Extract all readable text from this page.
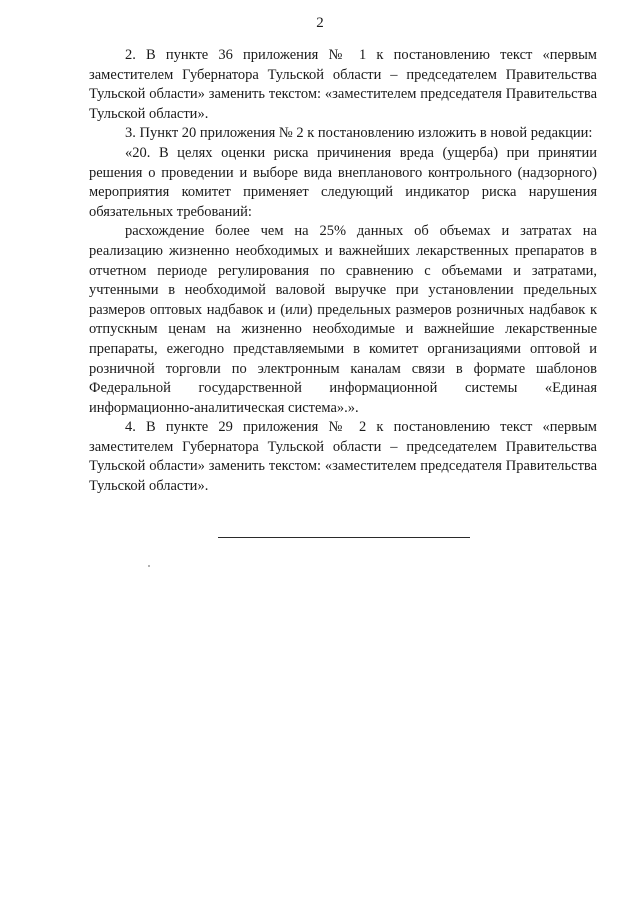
2

2. В пункте 36 приложения № 1 к постановлению текст «первым заместителем Губернатора Тульской области – председателем Правительства Тульской области» заменить текстом: «заместителем председателя Правительства Тульской области».

3. Пункт 20 приложения № 2 к постановлению изложить в новой редакции:

«20. В целях оценки риска причинения вреда (ущерба) при принятии решения о проведении и выборе вида внепланового контрольного (надзорного) мероприятия комитет применяет следующий индикатор риска нарушения обязательных требований:

расхождение более чем на 25% данных об объемах и затратах на реализацию жизненно необходимых и важнейших лекарственных препаратов в отчетном периоде регулирования по сравнению с объемами и затратами, учтенными в необходимой валовой выручке при установлении предельных размеров оптовых надбавок и (или) предельных размеров розничных надбавок к отпускным ценам на жизненно необходимые и важнейшие лекарственные препараты, ежегодно представляемыми в комитет организациями оптовой и розничной торговли по электронным каналам связи в формате шаблонов Федеральной государственной информационной системы «Единая информационно-аналитическая система».».

4. В пункте 29 приложения № 2 к постановлению текст «первым заместителем Губернатора Тульской области – председателем Правительства Тульской области» заменить текстом: «заместителем председателя Правительства Тульской области».
